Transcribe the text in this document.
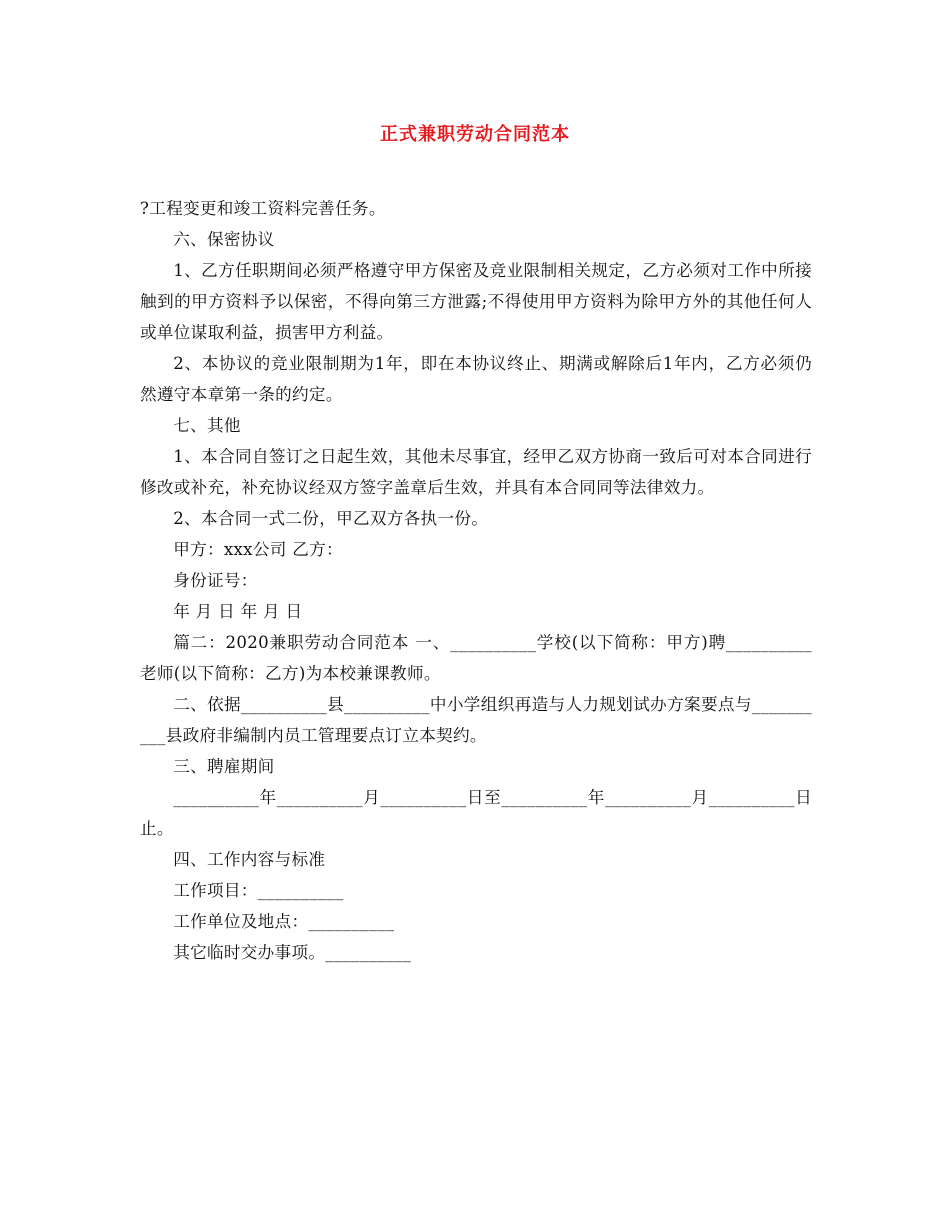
正式兼职劳动合同范本

?工程变更和竣工资料完善任务。

六、保密协议

1、乙方任职期间必须严格遵守甲方保密及竞业限制相关规定，乙方必须对工作中所接触到的甲方资料予以保密，不得向第三方泄露;不得使用甲方资料为除甲方外的其他任何人或单位谋取利益，损害甲方利益。

2、本协议的竞业限制期为1年，即在本协议终止、期满或解除后1年内，乙方必须仍然遵守本章第一条的约定。

七、其他

1、本合同自签订之日起生效，其他未尽事宜，经甲乙双方协商一致后可对本合同进行修改或补充，补充协议经双方签字盖章后生效，并具有本合同同等法律效力。

2、本合同一式二份，甲乙双方各执一份。

甲方：xxx公司 乙方：

身份证号：

年 月 日 年 月 日

篇二：2020兼职劳动合同范本 一、__________学校(以下简称：甲方)聘__________老师(以下简称：乙方)为本校兼课教师。

二、依据__________县__________中小学组织再造与人力规划试办方案要点与__________县政府非编制内员工管理要点订立本契约。

三、聘雇期间

__________年__________月__________日至__________年__________月__________日止。

四、工作内容与标准

工作项目：__________

工作单位及地点：__________

其它临时交办事项。__________
